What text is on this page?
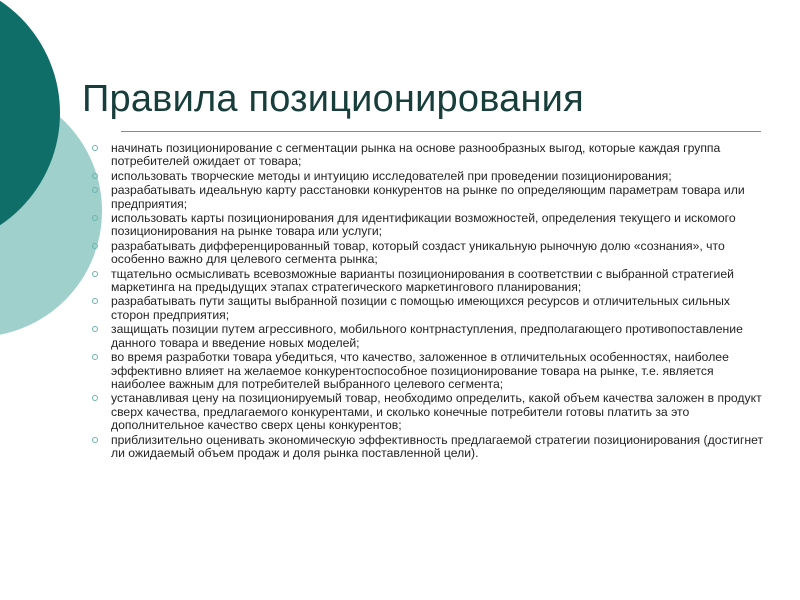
Правила позиционирования
начинать позиционирование с сегментации рынка на основе разнообразных выгод, которые каждая группа потребителей ожидает от товара;
использовать творческие методы и интуицию исследователей при проведении позиционирования;
разрабатывать идеальную карту расстановки конкурентов на рынке по определяющим параметрам товара или предприятия;
использовать карты позиционирования для идентификации возможностей, определения текущего и искомого позиционирования на рынке товара или услуги;
разрабатывать дифференцированный товар, который создаст уникальную рыночную долю «сознания», что особенно важно для целевого сегмента рынка;
тщательно осмысливать всевозможные варианты позиционирования в соответствии с выбранной стратегией маркетинга на предыдущих этапах стратегического маркетингового планирования;
разрабатывать пути защиты выбранной позиции с помощью имеющихся ресурсов и отличительных сильных сторон предприятия;
защищать позиции путем агрессивного, мобильного контрнаступления, предполагающего противопоставление данного товара и введение новых моделей;
во время разработки товара убедиться, что качество, заложенное в отличительных особенностях, наиболее эффективно влияет на желаемое конкурентоспособное позиционирование товара на рынке, т.е. является наиболее важным для потребителей выбранного целевого сегмента;
устанавливая цену на позиционируемый товар, необходимо определить, какой объем качества заложен в продукт сверх качества, предлагаемого конкурентами, и сколько конечные потребители готовы платить за это дополнительное качество сверх цены конкурентов;
приблизительно оценивать экономическую эффективность предлагаемой стратегии позиционирования (достигнет ли ожидаемый объем продаж и доля рынка поставленной цели).
